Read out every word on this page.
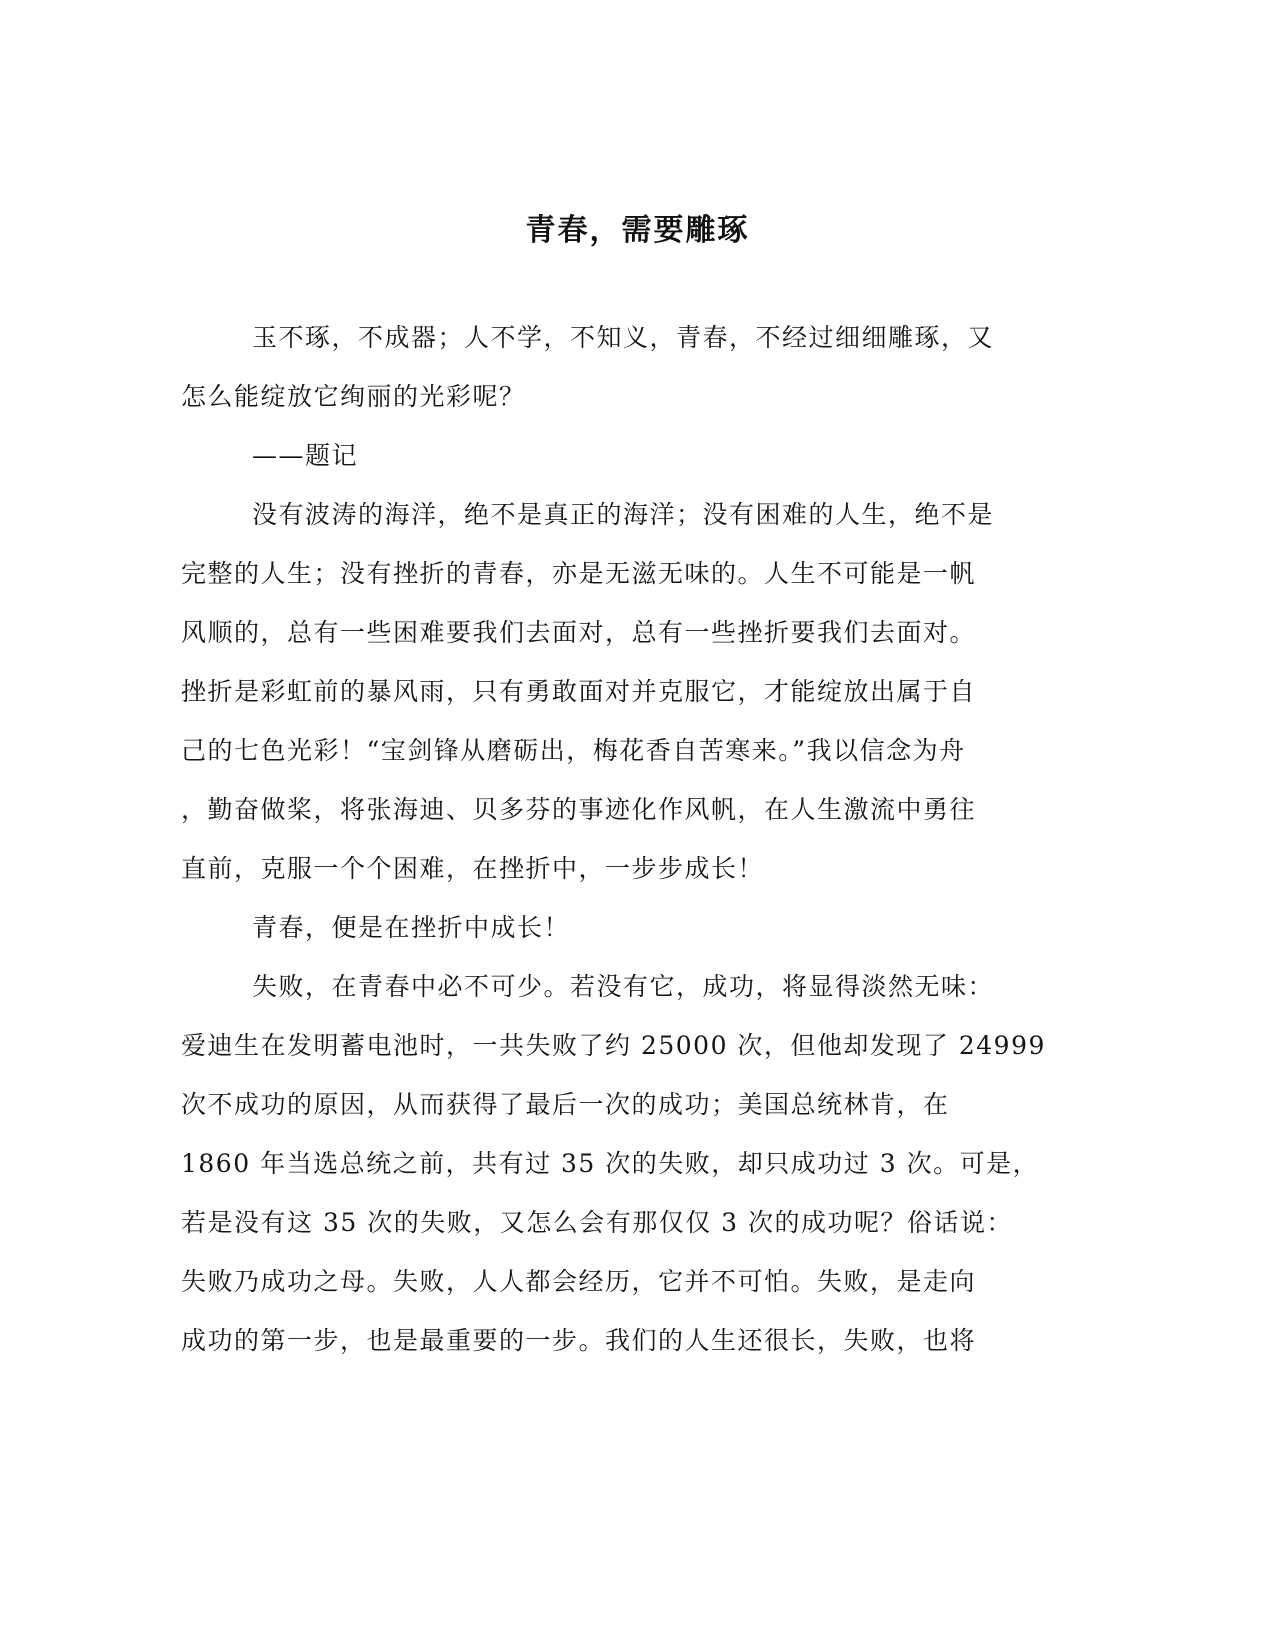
青春，需要雕琢

玉不琢，不成器；人不学，不知义，青春，不经过细细雕琢，又

怎么能绽放它绚丽的光彩呢？

——题记

没有波涛的海洋，绝不是真正的海洋；没有困难的人生，绝不是

完整的人生；没有挫折的青春，亦是无滋无味的。人生不可能是一帆

风顺的，总有一些困难要我们去面对，总有一些挫折要我们去面对。

挫折是彩虹前的暴风雨，只有勇敢面对并克服它，才能绽放出属于自

己的七色光彩！“宝剑锋从磨砺出，梅花香自苦寒来。”我以信念为舟

，勤奋做桨，将张海迪、贝多芬的事迹化作风帆，在人生激流中勇往

直前，克服一个个困难，在挫折中，一步步成长！

青春，便是在挫折中成长！

失败，在青春中必不可少。若没有它，成功，将显得淡然无味：

爱迪生在发明蓄电池时，一共失败了约 25000 次，但他却发现了 24999

次不成功的原因，从而获得了最后一次的成功；美国总统林肯，在

1860 年当选总统之前，共有过 35 次的失败，却只成功过 3 次。可是，

若是没有这 35 次的失败，又怎么会有那仅仅 3 次的成功呢？俗话说：

失败乃成功之母。失败，人人都会经历，它并不可怕。失败，是走向

成功的第一步，也是最重要的一步。我们的人生还很长，失败，也将
